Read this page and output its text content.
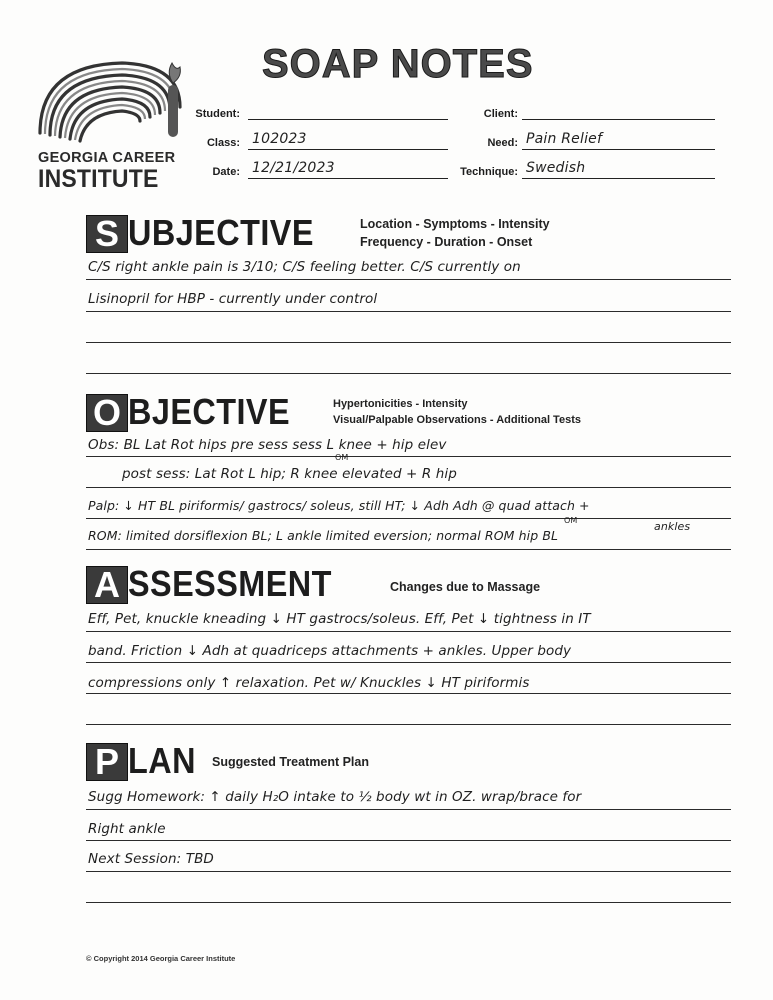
GEORGIA CAREER
INSTITUTE
SOAP NOTES
Student:
Class: 102023
Date: 12/21/2023
Client:
Need: Pain Relief
Technique: Swedish
S UBJECTIVE	Location - Symptoms - Intensity
Frequency - Duration - Onset
C/S right ankle pain is 3/10; C/S feeling better. C/S currently on
Lisinopril for HBP - currently under control
O BJECTIVE	Hypertonicities - Intensity
Visual/Palpable Observations - Additional Tests
Obs: BL Lat Rot hips pre sess sess L knee + hip elev
OM
post sess: Lat Rot L hip; R knee elevated + R hip
Palp: ↓ HT BL piriformis/ gastrocs/ soleus, still HT; ↓ Adh Adh @ quad attach +
OM	ankles
ROM: limited dorsiflexion BL; L ankle limited eversion; normal ROM hip BL
A SSESSMENT	Changes due to Massage
Eff, Pet, knuckle kneading ↓ HT gastrocs/soleus. Eff, Pet ↓ tightness in IT
band. Friction ↓ Adh at quadriceps attachments + ankles. Upper body
compressions only ↑ relaxation. Pet w/ Knuckles ↓ HT piriformis
P LAN Suggested Treatment Plan
Sugg Homework: ↑ daily H₂O intake to ½ body wt in OZ. wrap/brace for
Right ankle
Next Session: TBD
© Copyright 2014 Georgia Career Institute
